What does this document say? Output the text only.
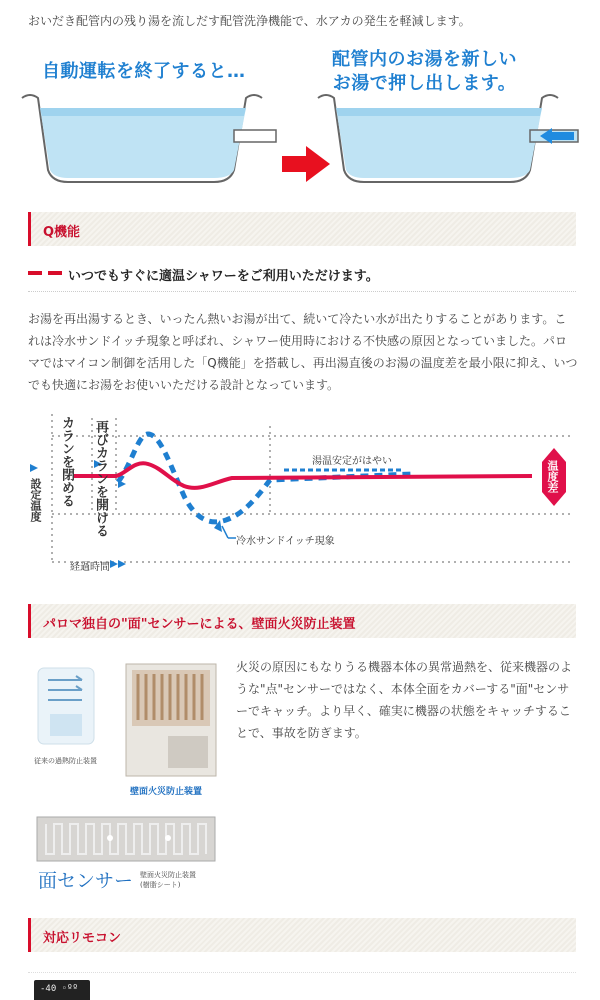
おいだき配管内の残り湯を流しだす配管洗浄機能で、水アカの発生を軽減します。
自動運転を終了すると…
配管内のお湯を新しい
お湯で押し出します。
Q機能
いつでもすぐに適温シャワーをご利用いただけます。
お湯を再出湯するとき、いったん熱いお湯が出て、続いて冷たい水が出たりすることがあります。これは冷水サンドイッチ現象と呼ばれ、シャワー使用時における不快感の原因となっていました。パロマではマイコン制御を活用した「Q機能」を搭載し、再出湯直後のお湯の温度差を最小限に抑え、いつでも快適にお湯をお使いいただける設計となっています。
設定温度 カランを閉める 再びカランを開ける	湯温安定がはやい
冷水サンドイッチ現象
温度差
経過時間
パロマ独自の"面"センサーによる、壁面火災防止装置
従来の過熱防止装置
壁面火災防止装置
面センサー 壁面火災防止装置
(樹脂シート)
火災の原因にもなりうる機器本体の異常過熱を、従来機器のような"点"センサーではなく、本体全面をカバーする"面"センサーでキャッチ。より早く、確実に機器の状態をキャッチすることで、事故を防ぎます。
対応リモコン
-40 ◦ºº
